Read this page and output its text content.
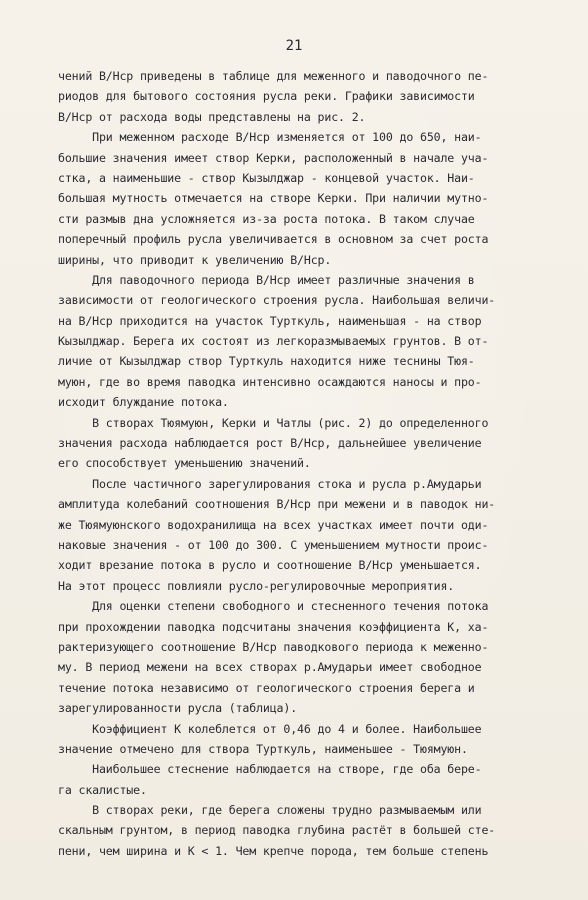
21
чений В/Hср приведены в таблице для меженного и паводочного пе-
риодов для бытового состояния русла реки. Графики зависимости
В/Hср от расхода воды представлены на рис. 2.
При меженном расходе В/Hср изменяется от 100 до 650, наи-
большие значения имеет створ Керки, расположенный в начале уча-
стка, а наименьшие - створ Кызылджар - концевой участок. Наи-
большая мутность отмечается на створе Керки. При наличии мутно-
сти размыв дна усложняется из-за роста потока. В таком случае
поперечный профиль русла увеличивается в основном за счет роста
ширины, что приводит к увеличению В/Hср.
Для паводочного периода В/Hср имеет различные значения в
зависимости от геологического строения русла. Наибольшая величи-
на В/Hср приходится на участок Турткуль, наименьшая - на створ
Кызылджар. Берега их состоят из легкоразмываемых грунтов. В от-
личие от Кызылджар створ Турткуль находится ниже теснины Тюя-
муюн, где во время паводка интенсивно осаждаются наносы и про-
исходит блуждание потока.
В створах Тюямуюн, Керки и Чатлы (рис. 2) до определенного
значения расхода наблюдается рост В/Hср, дальнейшее увеличение
его способствует уменьшению значений.
После частичного зарегулирования стока и русла р.Амударьи
амплитуда колебаний соотношения В/Hср при межени и в паводок ни-
же Тюямуюнского водохранилища на всех участках имеет почти оди-
наковые значения - от 100 до 300. С уменьшением мутности проис-
ходит врезание потока в русло и соотношение В/Hср уменьшается.
На этот процесс повлияли русло-регулировочные мероприятия.
Для оценки степени свободного и стесненного течения потока
при прохождении паводка подсчитаны значения коэффициента К, ха-
рактеризующего соотношение В/Hср паводкового периода к меженно-
му. В период межени на всех створах р.Амударьи имеет свободное
течение потока независимо от геологического строения берега и
зарегулированности русла (таблица).
Коэффициент К колеблется от 0,46 до 4 и более. Наибольшее
значение отмечено для створа Турткуль, наименьшее - Тюямуюн.
Наибольшее стеснение наблюдается на створе, где оба бере-
га скалистые.
В створах реки, где берега сложены трудно размываемым или
скальным грунтом, в период паводка глубина растёт в большей сте-
пени, чем ширина и К < 1. Чем крепче порода, тем больше степень
